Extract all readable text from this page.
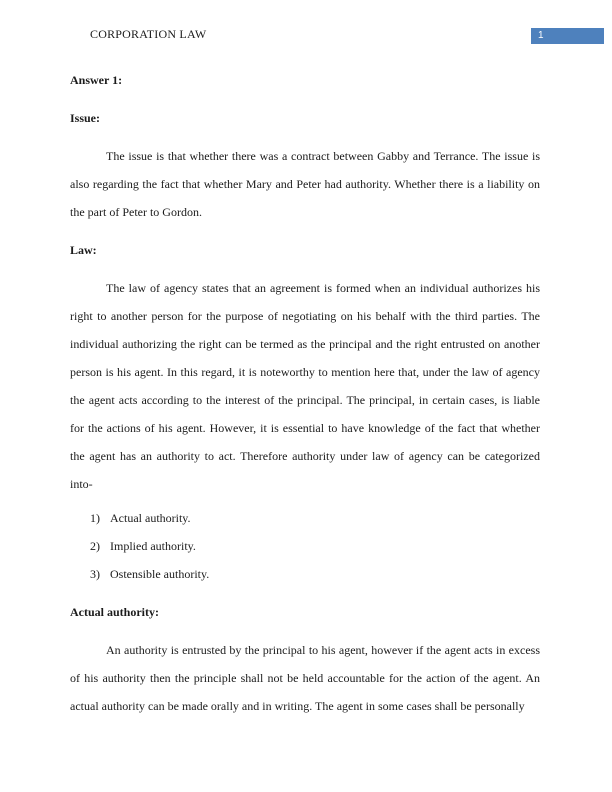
CORPORATION LAW	1
Answer 1:
Issue:

The issue is that whether there was a contract between Gabby and Terrance. The issue is also regarding the fact that whether Mary and Peter had authority. Whether there is a liability on the part of Peter to Gordon.

Law:

The law of agency states that an agreement is formed when an individual authorizes his right to another person for the purpose of negotiating on his behalf with the third parties. The individual authorizing the right can be termed as the principal and the right entrusted on another person is his agent. In this regard, it is noteworthy to mention here that, under the law of agency the agent acts according to the interest of the principal. The principal, in certain cases, is liable for the actions of his agent. However, it is essential to have knowledge of the fact that whether the agent has an authority to act. Therefore authority under law of agency can be categorized into-

1) Actual authority.
2) Implied authority.
3) Ostensible authority.
Actual authority:

An authority is entrusted by the principal to his agent, however if the agent acts in excess of his authority then the principle shall not be held accountable for the action of the agent. An actual authority can be made orally and in writing. The agent in some cases shall be personally
